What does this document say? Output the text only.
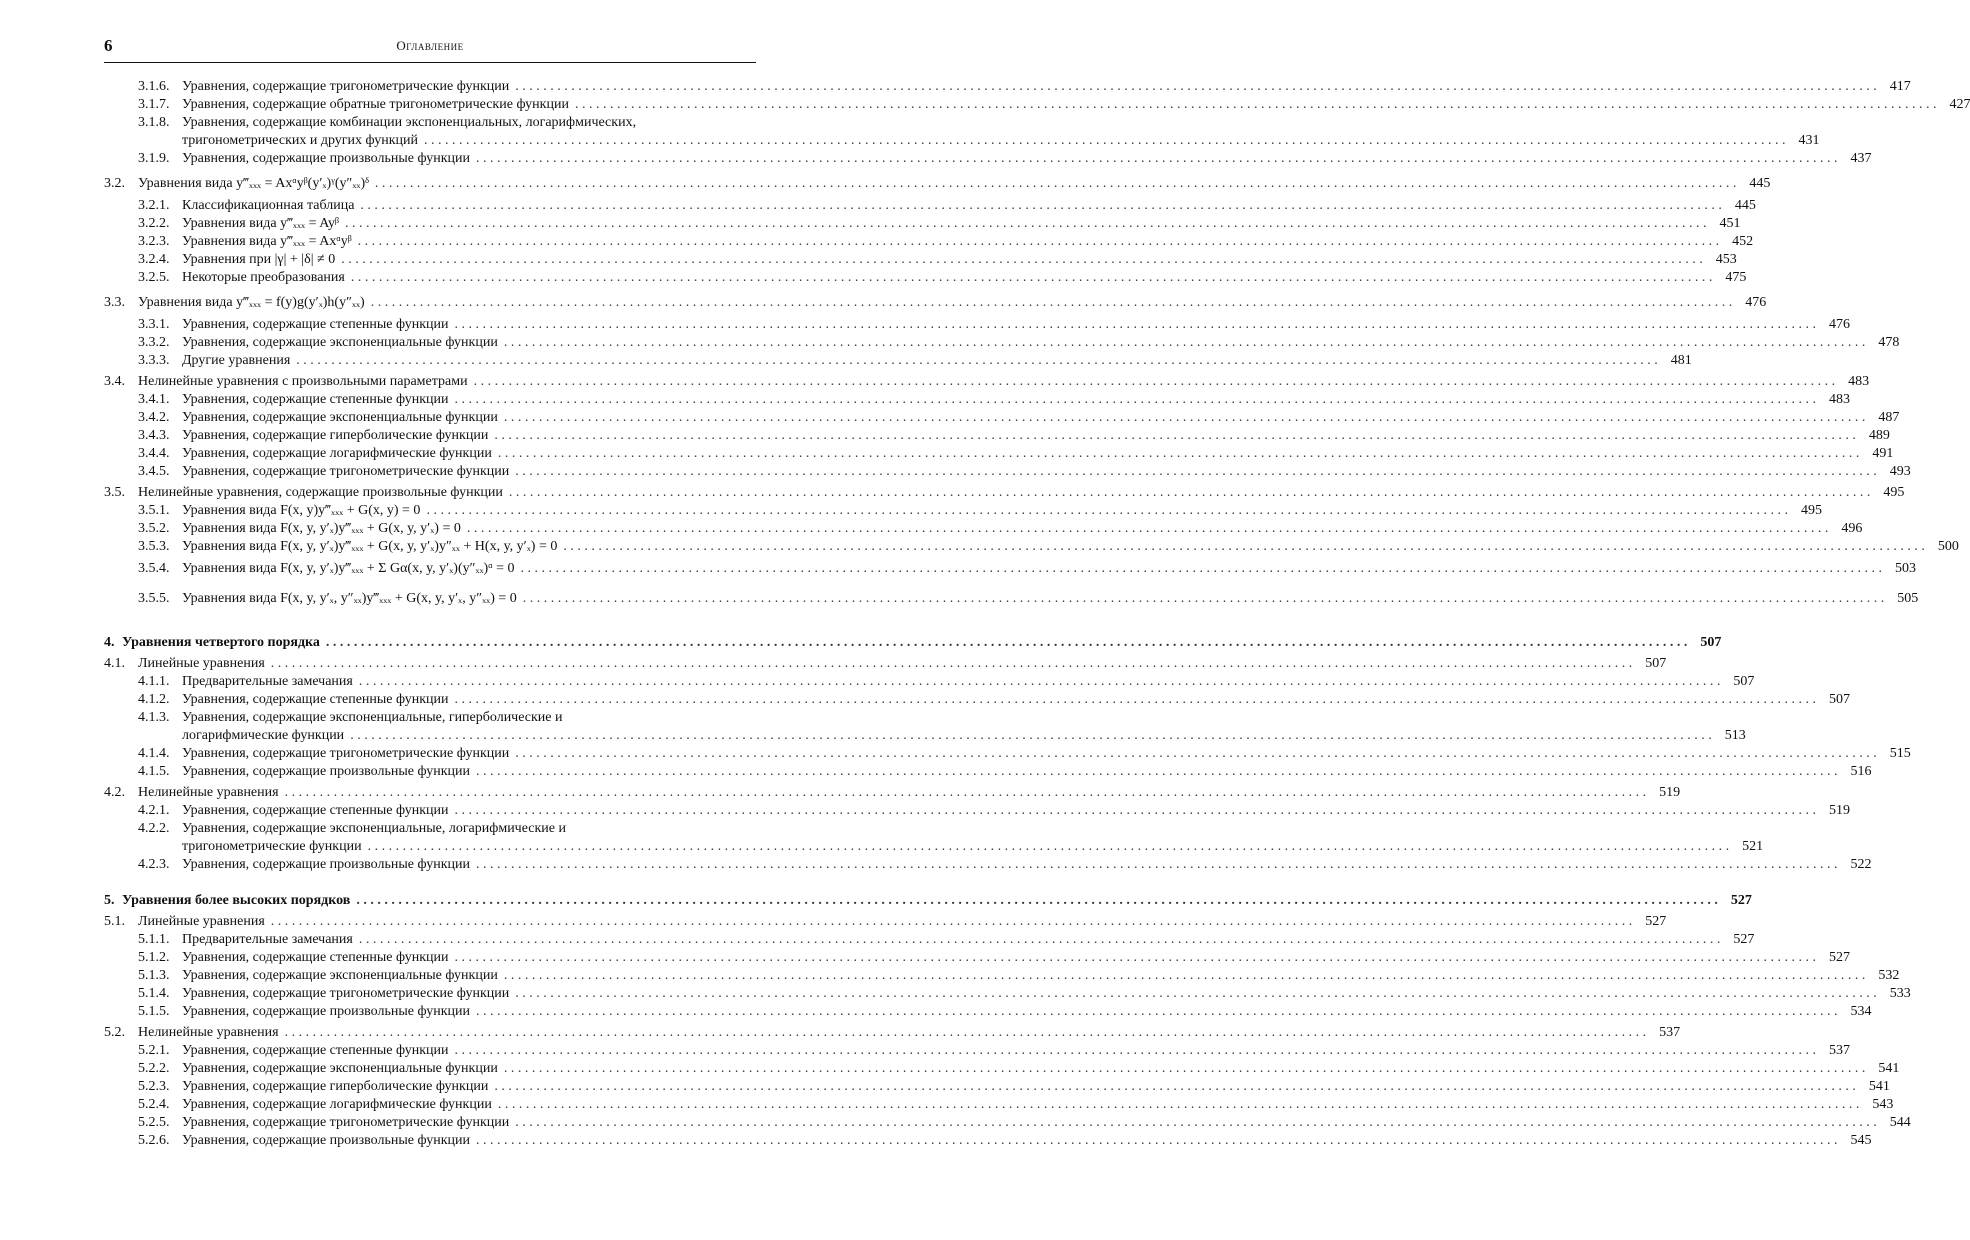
6	Оглавление
3.1.6. Уравнения, содержащие тригонометрические функции . . .	417
3.1.7. Уравнения, содержащие обратные тригонометрические функции . . .	427
3.1.8. Уравнения, содержащие комбинации экспоненциальных, логарифмических,
тригонометрических и других функций . . .	431
3.1.9. Уравнения, содержащие произвольные функции . . .	437
3.2. Уравнения вида y‴ₓₓₓ = Axᵅyᵝ(y′ₓ)ᵞ(y″ₓₓ)ᵟ . . .	445
3.2.1. Классификационная таблица . . .	445
3.2.2. Уравнения вида y‴ₓₓₓ = Ayᵝ . . .	451
3.2.3. Уравнения вида y‴ₓₓₓ = Axᵅyᵝ . . .	452
3.2.4. Уравнения при |γ| + |δ| ≠ 0 . . .	453
3.2.5. Некоторые преобразования . . .	475
3.3. Уравнения вида y‴ₓₓₓ = f(y)g(y′ₓ)h(y″ₓₓ) . . .	476
3.3.1. Уравнения, содержащие степенные функции . . .	476
3.3.2. Уравнения, содержащие экспоненциальные функции . . .	478
3.3.3. Другие уравнения . . .	481
3.4. Нелинейные уравнения с произвольными параметрами . . .	483
3.4.1. Уравнения, содержащие степенные функции . . .	483
3.4.2. Уравнения, содержащие экспоненциальные функции . . .	487
3.4.3. Уравнения, содержащие гиперболические функции . . .	489
3.4.4. Уравнения, содержащие логарифмические функции . . .	491
3.4.5. Уравнения, содержащие тригонометрические функции . . .	493
3.5. Нелинейные уравнения, содержащие произвольные функции . . .	495
3.5.1. Уравнения вида F(x, y)y‴ₓₓₓ + G(x, y) = 0 . . .	495
3.5.2. Уравнения вида F(x, y, y′ₓ)y‴ₓₓₓ + G(x, y, y′ₓ) = 0 . . .	496
3.5.3. Уравнения вида F(x, y, y′ₓ)y‴ₓₓₓ + G(x, y, y′ₓ)y″ₓₓ + H(x, y, y′ₓ) = 0 . . .	500
3.5.4. Уравнения вида F(x, y, y′ₓ)y‴ₓₓₓ + Σ Gα(x, y, y′ₓ)(y″ₓₓ)ᵅ = 0 . . .	503
3.5.5. Уравнения вида F(x, y, y′ₓ, y″ₓₓ)y‴ₓₓₓ + G(x, y, y′ₓ, y″ₓₓ) = 0 . . .	505
4. Уравнения четвертого порядка . . .	507
4.1. Линейные уравнения . . .	507
4.1.1. Предварительные замечания . . .	507
4.1.2. Уравнения, содержащие степенные функции . . .	507
4.1.3. Уравнения, содержащие экспоненциальные, гиперболические и
логарифмические функции . . .	513
4.1.4. Уравнения, содержащие тригонометрические функции . . .	515
4.1.5. Уравнения, содержащие произвольные функции . . .	516
4.2. Нелинейные уравнения . . .	519
4.2.1. Уравнения, содержащие степенные функции . . .	519
4.2.2. Уравнения, содержащие экспоненциальные, логарифмические и
тригонометрические функции . . .	521
4.2.3. Уравнения, содержащие произвольные функции . . .	522
5. Уравнения более высоких порядков . . .	527
5.1. Линейные уравнения . . .	527
5.1.1. Предварительные замечания . . .	527
5.1.2. Уравнения, содержащие степенные функции . . .	527
5.1.3. Уравнения, содержащие экспоненциальные функции . . .	532
5.1.4. Уравнения, содержащие тригонометрические функции . . .	533
5.1.5. Уравнения, содержащие произвольные функции . . .	534
5.2. Нелинейные уравнения . . .	537
5.2.1. Уравнения, содержащие степенные функции . . .	537
5.2.2. Уравнения, содержащие экспоненциальные функции . . .	541
5.2.3. Уравнения, содержащие гиперболические функции . . .	541
5.2.4. Уравнения, содержащие логарифмические функции . . .	543
5.2.5. Уравнения, содержащие тригонометрические функции . . .	544
5.2.6. Уравнения, содержащие произвольные функции . . .	545
